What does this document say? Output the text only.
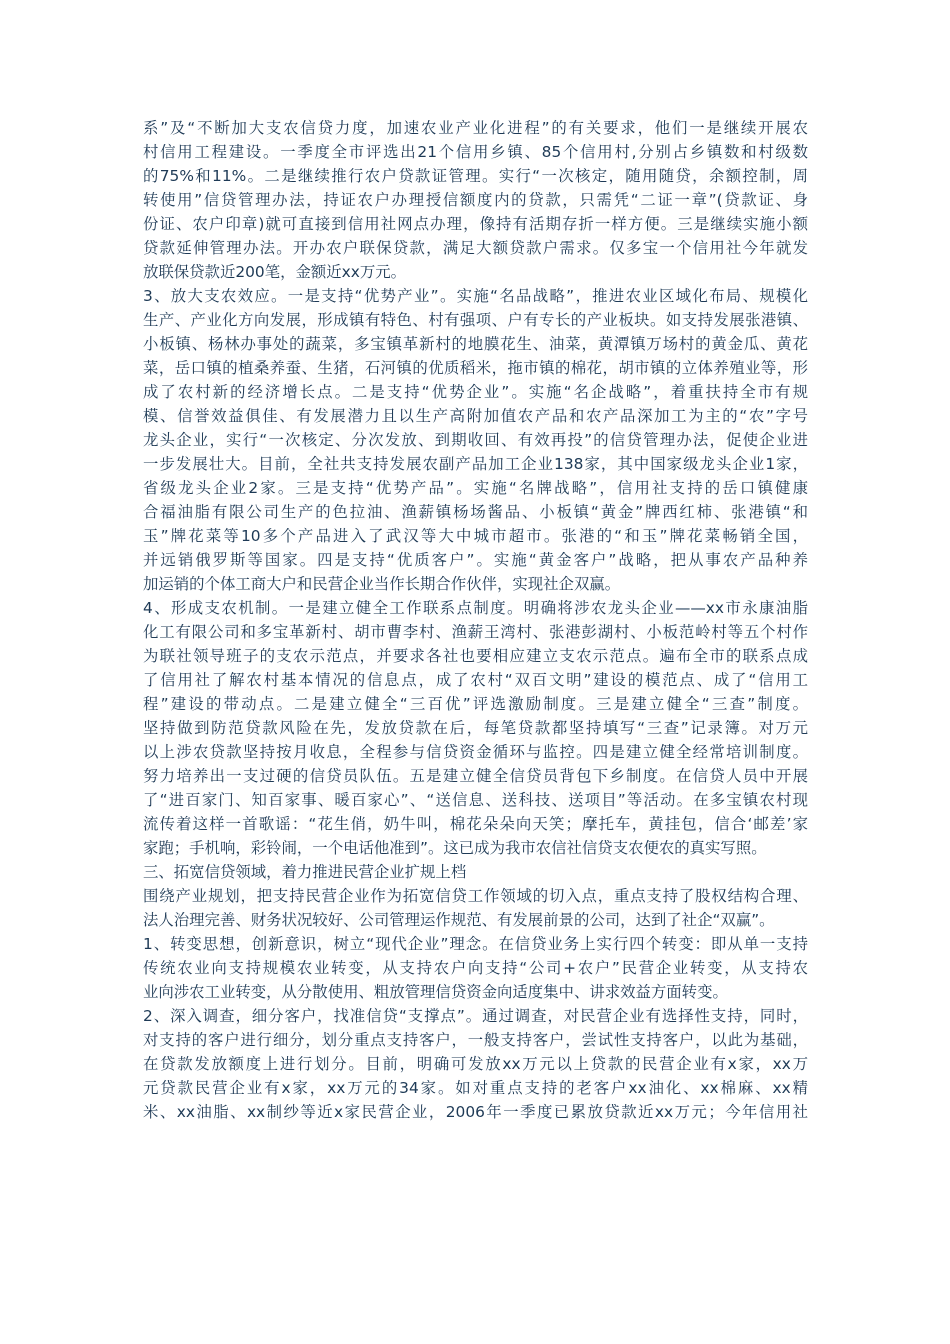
系”及“不断加大支农信贷力度，加速农业产业化进程”的有关要求，他们一是继续开展农
村信用工程建设。一季度全市评选出21个信用乡镇、85个信用村,分别占乡镇数和村级数
的75%和11%。二是继续推行农户贷款证管理。实行“一次核定，随用随贷，余额控制，周
转使用”信贷管理办法，持证农户办理授信额度内的贷款，只需凭“二证一章”(贷款证、身
份证、农户印章)就可直接到信用社网点办理，像持有活期存折一样方便。三是继续实施小额
贷款延伸管理办法。开办农户联保贷款，满足大额贷款户需求。仅多宝一个信用社今年就发
放联保贷款近200笔，金额近xx万元。
3、放大支农效应。一是支持“优势产业”。实施“名品战略”，推进农业区域化布局、规模化
生产、产业化方向发展，形成镇有特色、村有强项、户有专长的产业板块。如支持发展张港镇、
小板镇、杨林办事处的蔬菜，多宝镇革新村的地膜花生、油菜，黄潭镇万场村的黄金瓜、黄花
菜，岳口镇的植桑养蚕、生猪，石河镇的优质稻米，拖市镇的棉花，胡市镇的立体养殖业等，形
成了农村新的经济增长点。二是支持“优势企业”。实施“名企战略”，着重扶持全市有规
模、信誉效益俱佳、有发展潜力且以生产高附加值农产品和农产品深加工为主的“农”字号
龙头企业，实行“一次核定、分次发放、到期收回、有效再投”的信贷管理办法，促使企业进
一步发展壮大。目前，全社共支持发展农副产品加工企业138家，其中国家级龙头企业1家，
省级龙头企业2家。三是支持“优势产品”。实施“名牌战略”，信用社支持的岳口镇健康
合福油脂有限公司生产的色拉油、渔薪镇杨场酱品、小板镇“黄金”牌西红柿、张港镇“和
玉”牌花菜等10多个产品进入了武汉等大中城市超市。张港的“和玉”牌花菜畅销全国，
并远销俄罗斯等国家。四是支持“优质客户”。实施“黄金客户”战略，把从事农产品种养
加运销的个体工商大户和民营企业当作长期合作伙伴，实现社企双赢。
4、形成支农机制。一是建立健全工作联系点制度。明确将涉农龙头企业——xx市永康油脂
化工有限公司和多宝革新村、胡市曹李村、渔薪王湾村、张港彭湖村、小板范岭村等五个村作
为联社领导班子的支农示范点，并要求各社也要相应建立支农示范点。遍布全市的联系点成
了信用社了解农村基本情况的信息点，成了农村“双百文明”建设的模范点、成了“信用工
程”建设的带动点。二是建立健全“三百优”评选激励制度。三是建立健全“三查”制度。
坚持做到防范贷款风险在先，发放贷款在后，每笔贷款都坚持填写“三查”记录簿。对万元
以上涉农贷款坚持按月收息，全程参与信贷资金循环与监控。四是建立健全经常培训制度。
努力培养出一支过硬的信贷员队伍。五是建立健全信贷员背包下乡制度。在信贷人员中开展
了“进百家门、知百家事、暖百家心”、“送信息、送科技、送项目”等活动。在多宝镇农村现
流传着这样一首歌谣：“花生俏，奶牛叫，棉花朵朵向天笑；摩托车，黄挂包，信合‘邮差’家
家跑；手机响，彩铃闹，一个电话他准到”。这已成为我市农信社信贷支农便农的真实写照。
三、拓宽信贷领域，着力推进民营企业扩规上档
围绕产业规划，把支持民营企业作为拓宽信贷工作领域的切入点，重点支持了股权结构合理、
法人治理完善、财务状况较好、公司管理运作规范、有发展前景的公司，达到了社企“双赢”。
1、转变思想，创新意识，树立“现代企业”理念。在信贷业务上实行四个转变：即从单一支持
传统农业向支持规模农业转变，从支持农户向支持“公司+农户”民营企业转变，从支持农
业向涉农工业转变，从分散使用、粗放管理信贷资金向适度集中、讲求效益方面转变。
2、深入调查，细分客户，找准信贷“支撑点”。通过调查，对民营企业有选择性支持，同时，
对支持的客户进行细分，划分重点支持客户，一般支持客户，尝试性支持客户，以此为基础，
在贷款发放额度上进行划分。目前，明确可发放xx万元以上贷款的民营企业有x家，xx万
元贷款民营企业有x家，xx万元的34家。如对重点支持的老客户xx油化、xx棉麻、xx精
米、xx油脂、xx制纱等近x家民营企业，2006年一季度已累放贷款近xx万元；今年信用社
